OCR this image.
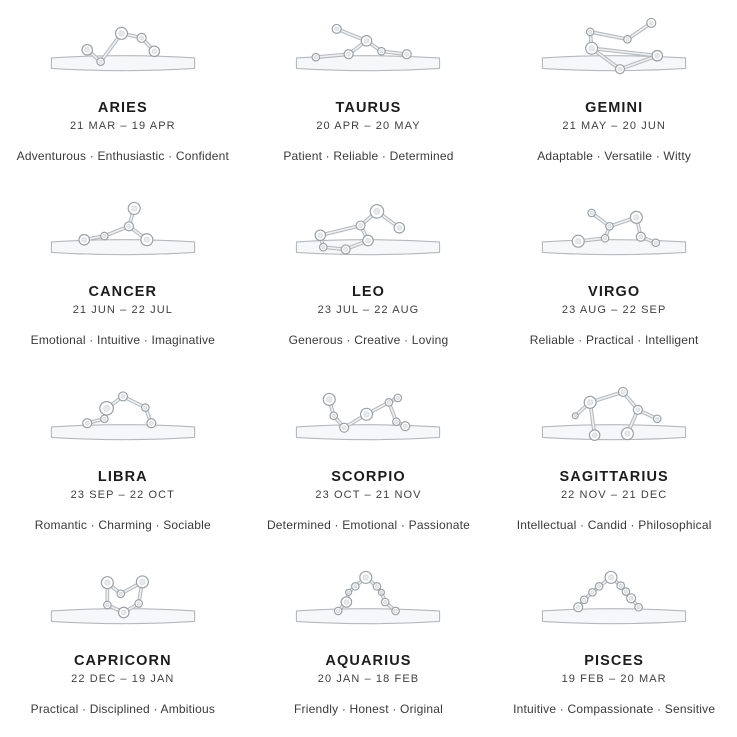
ARIES
21 MAR – 19 APR
Adventurous · Enthusiastic · Confident
TAURUS
20 APR – 20 MAY
Patient · Reliable · Determined
GEMINI
21 MAY – 20 JUN
Adaptable · Versatile · Witty
CANCER
21 JUN – 22 JUL
Emotional · Intuitive · Imaginative
LEO
23 JUL – 22 AUG
Generous · Creative · Loving
VIRGO
23 AUG – 22 SEP
Reliable · Practical · Intelligent
LIBRA
23 SEP – 22 OCT
Romantic · Charming · Sociable
SCORPIO
23 OCT – 21 NOV
Determined · Emotional · Passionate
SAGITTARIUS
22 NOV – 21 DEC
Intellectual · Candid · Philosophical
CAPRICORN
22 DEC – 19 JAN
Practical · Disciplined · Ambitious
AQUARIUS
20 JAN – 18 FEB
Friendly · Honest · Original
PISCES
19 FEB – 20 MAR
Intuitive · Compassionate · Sensitive
